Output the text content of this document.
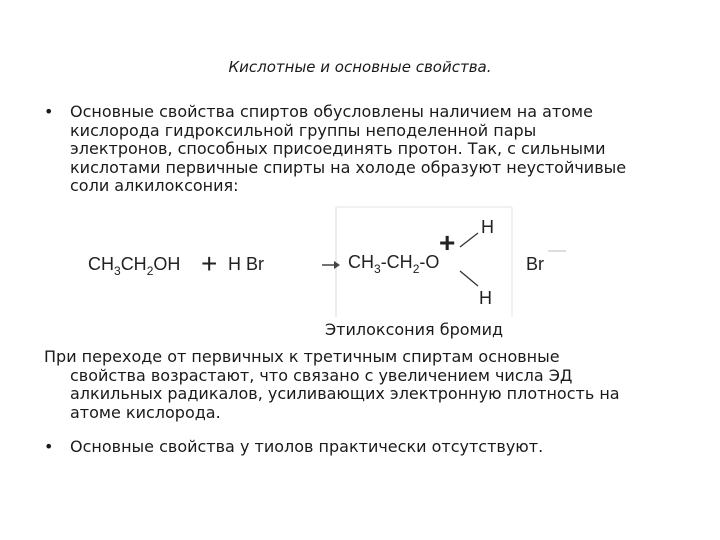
Кислотные и основные свойства.
• Основные свойства спиртов обусловлены наличием на атоме
кислорода гидроксильной группы неподеленной пары
электронов, способных присоединять протон. Так, с сильными
кислотами первичные спирты на холоде образуют неустойчивые
соли алкилоксония:
$CH_3CH_2OH + H$ Br	$CH_3-CH_2-O$
+ H
H
Br
Этилоксония бромид
При переходе от первичных к третичным спиртам основные
свойства возрастают, что связано с увеличением числа ЭД
алкильных радикалов, усиливающих электронную плотность на
атоме кислорода.
• Основные свойства у тиолов практически отсутствуют.
